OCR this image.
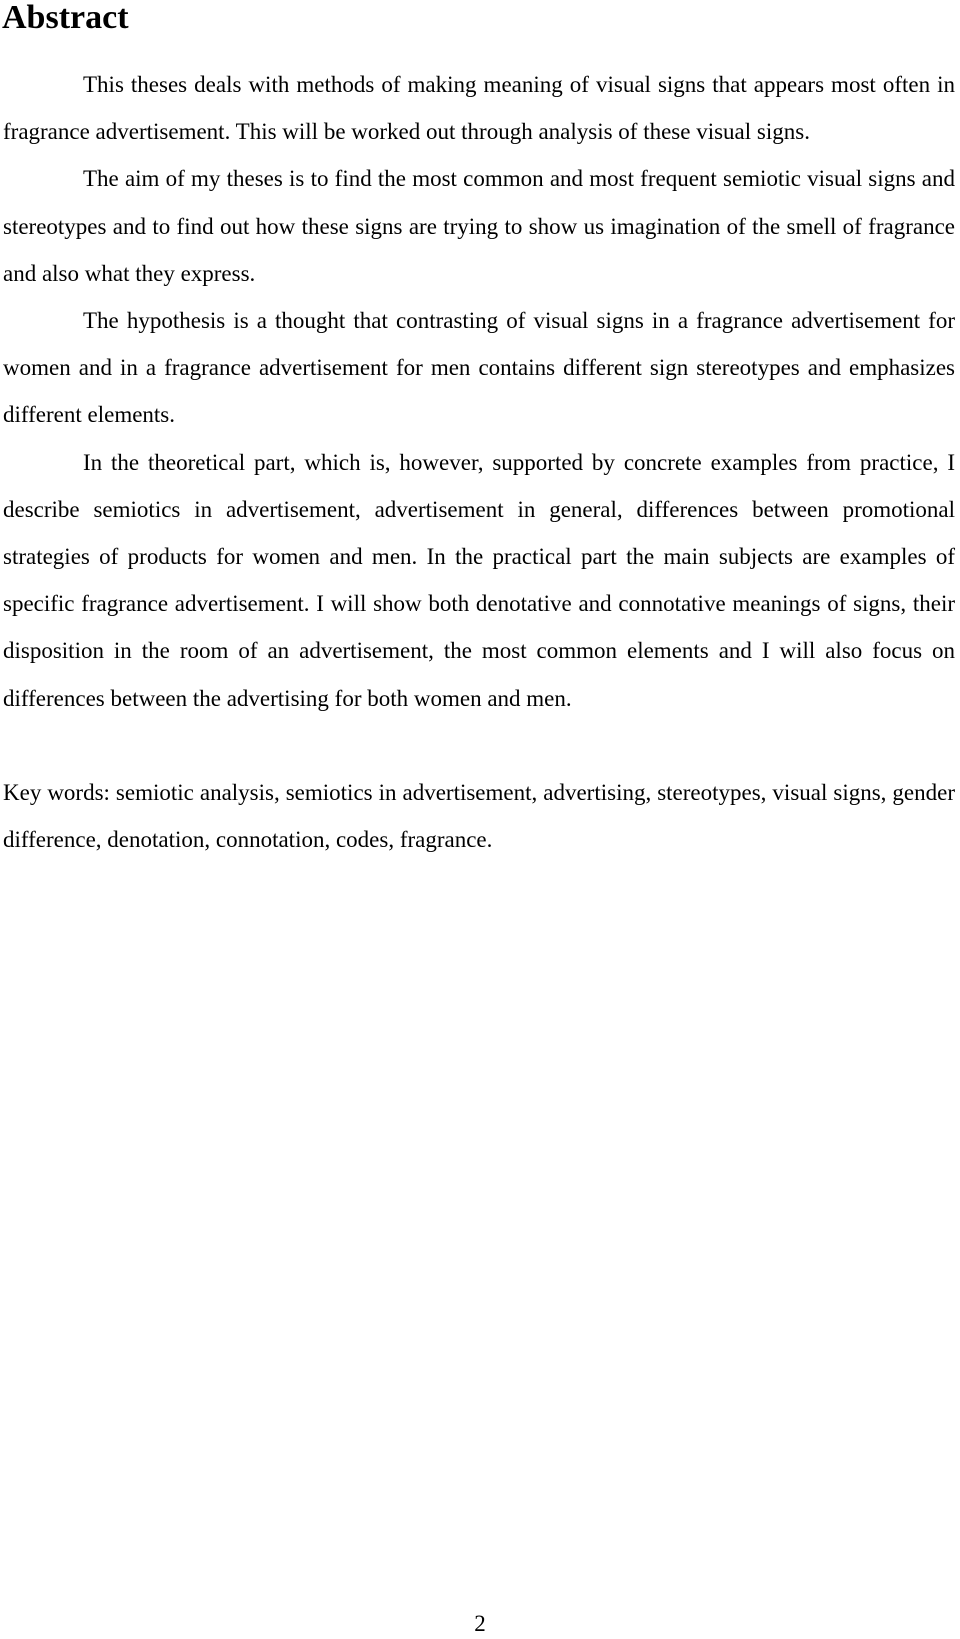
Abstract

This theses deals with methods of making meaning of visual signs that appears most often in fragrance advertisement. This will be worked out through analysis of these visual signs.

The aim of my theses is to find the most common and most frequent semiotic visual signs and stereotypes and to find out how these signs are trying to show us imagination of the smell of fragrance and also what they express.

The hypothesis is a thought that contrasting of visual signs in a fragrance advertisement for women and in a fragrance advertisement for men contains different sign stereotypes and emphasizes different elements.

In the theoretical part, which is, however, supported by concrete examples from practice, I describe semiotics in advertisement, advertisement in general, differences between promotional strategies of products for women and men. In the practical part the main subjects are examples of specific fragrance advertisement. I will show both denotative and connotative meanings of signs, their disposition in the room of an advertisement, the most common elements and I will also focus on differences between the advertising for both women and men.

Key words: semiotic analysis, semiotics in advertisement, advertising, stereotypes, visual signs, gender difference, denotation, connotation, codes, fragrance.

2
